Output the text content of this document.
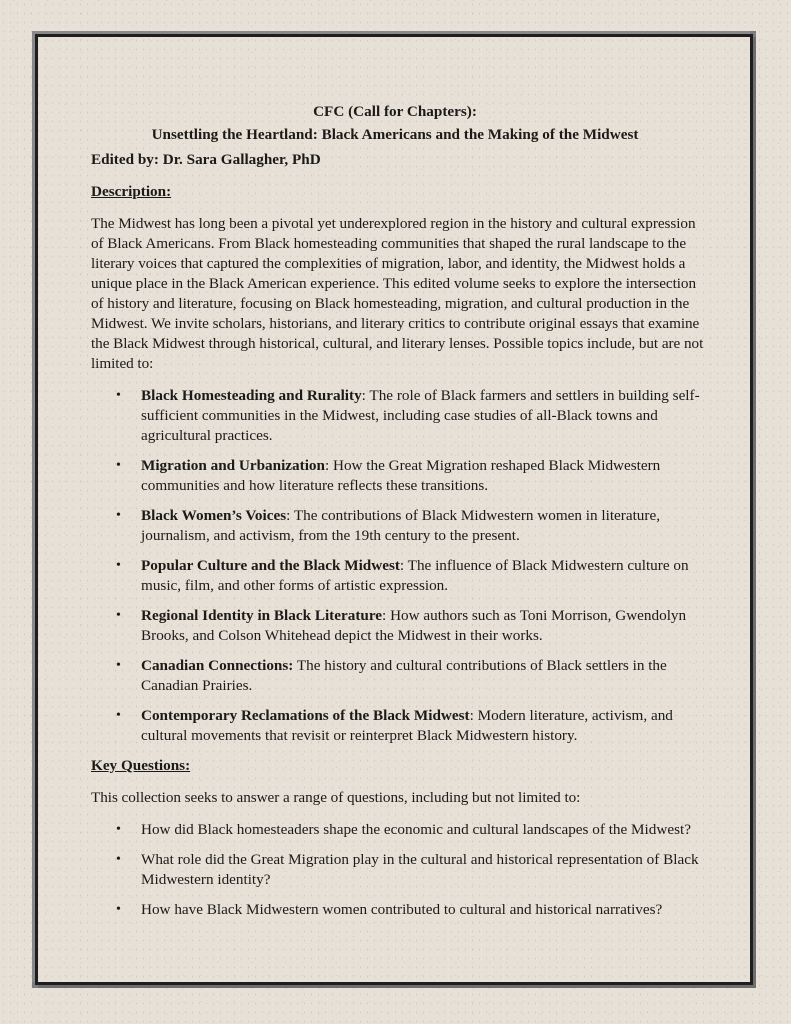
CFC (Call for Chapters):
Unsettling the Heartland: Black Americans and the Making of the Midwest

Edited by: Dr. Sara Gallagher, PhD

Description:

The Midwest has long been a pivotal yet underexplored region in the history and cultural expression of Black Americans. From Black homesteading communities that shaped the rural landscape to the literary voices that captured the complexities of migration, labor, and identity, the Midwest holds a unique place in the Black American experience. This edited volume seeks to explore the intersection of history and literature, focusing on Black homesteading, migration, and cultural production in the Midwest. We invite scholars, historians, and literary critics to contribute original essays that examine the Black Midwest through historical, cultural, and literary lenses. Possible topics include, but are not limited to:

• Black Homesteading and Rurality: The role of Black farmers and settlers in building self-sufficient communities in the Midwest, including case studies of all-Black towns and agricultural practices.
• Migration and Urbanization: How the Great Migration reshaped Black Midwestern communities and how literature reflects these transitions.
• Black Women’s Voices: The contributions of Black Midwestern women in literature, journalism, and activism, from the 19th century to the present.
• Popular Culture and the Black Midwest: The influence of Black Midwestern culture on music, film, and other forms of artistic expression.
• Regional Identity in Black Literature: How authors such as Toni Morrison, Gwendolyn Brooks, and Colson Whitehead depict the Midwest in their works.
• Canadian Connections: The history and cultural contributions of Black settlers in the Canadian Prairies.
• Contemporary Reclamations of the Black Midwest: Modern literature, activism, and cultural movements that revisit or reinterpret Black Midwestern history.

Key Questions:

This collection seeks to answer a range of questions, including but not limited to:

• How did Black homesteaders shape the economic and cultural landscapes of the Midwest?
• What role did the Great Migration play in the cultural and historical representation of Black Midwestern identity?
• How have Black Midwestern women contributed to cultural and historical narratives?
